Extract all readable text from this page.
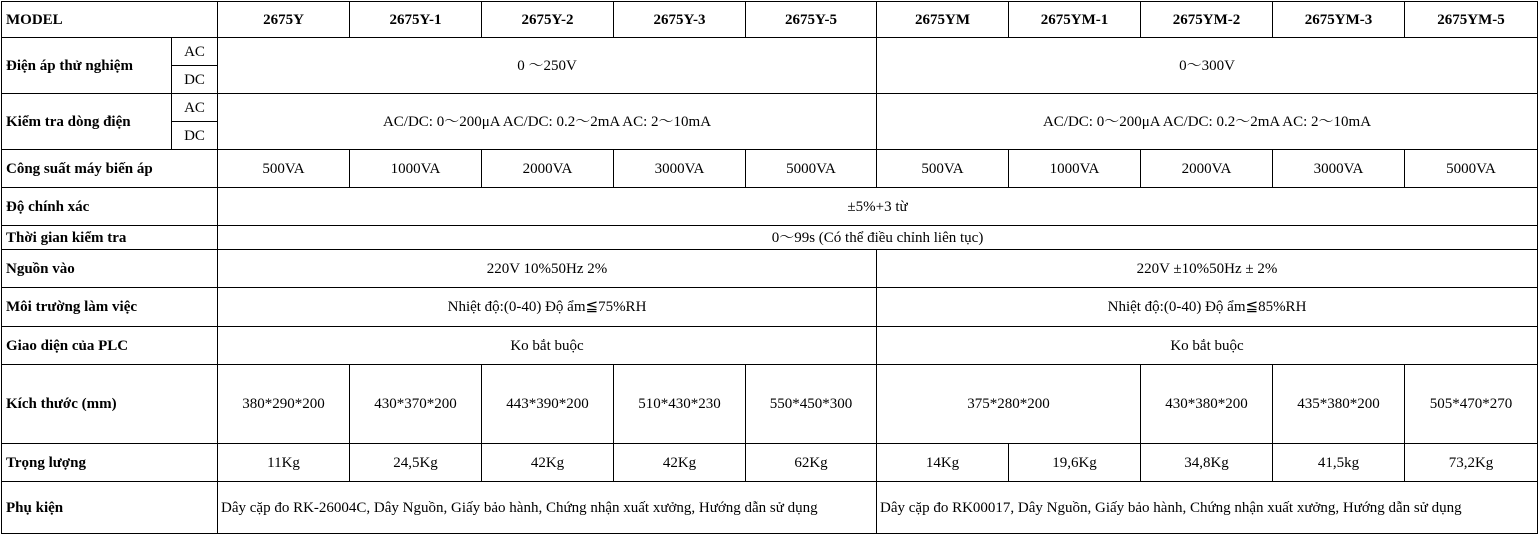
MODEL		2675Y	2675Y-1	2675Y-2	2675Y-3	2675Y-5	2675YM	2675YM-1	2675YM-2	2675YM-3	2675YM-5
Điện áp thử nghiệm	AC	0 ～250V					0～300V				
	DC										
Kiểm tra dòng điện	AC	AC/DC: 0～200μA AC/DC: 0.2～2mA AC: 2～10mA					AC/DC: 0～200μA AC/DC: 0.2～2mA AC: 2～10mA				
	DC										
Công suất máy biến áp		500VA	1000VA	2000VA	3000VA	5000VA	500VA	1000VA	2000VA	3000VA	5000VA
Độ chính xác		±5%+3 từ									
Thời gian kiểm tra		0～99s (Có thể điều chỉnh liên tục)									
Nguồn vào		220V 10%50Hz 2%					220V ±10%50Hz ± 2%				
Môi trường làm việc		Nhiệt độ:(0-40) Độ ẩm≦75%RH					Nhiệt độ:(0-40) Độ ẩm≦85%RH				
Giao diện của PLC		Ko bắt buộc					Ko bắt buộc				
Kích thước (mm)		380*290*200	430*370*200	443*390*200	510*430*230	550*450*300	375*280*200		430*380*200	435*380*200	505*470*270
Trọng lượng		11Kg	24,5Kg	42Kg	42Kg	62Kg	14Kg	19,6Kg	34,8Kg	41,5kg	73,2Kg
Phụ kiện		Dây cặp đo RK-26004C, Dây Nguồn, Giấy bảo hành, Chứng nhận xuất xưởng, Hướng dẫn sử dụng					Dây cặp đo RK00017, Dây Nguồn, Giấy bảo hành, Chứng nhận xuất xưởng, Hướng dẫn sử dụng				
